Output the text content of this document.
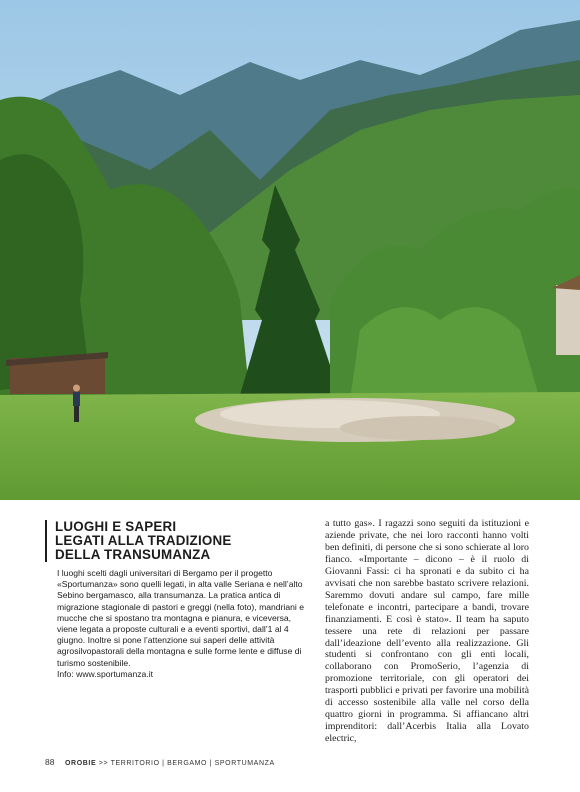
LUOGHI E SAPERI
LEGATI ALLA TRADIZIONE
DELLA TRANSUMANZA

I luoghi scelti dagli universitari di Bergamo per il progetto «Sportumanza» sono quelli legati, in alta valle Seriana e nell’alto Sebino bergamasco, alla transumanza. La pratica antica di migrazione stagionale di pastori e greggi (nella foto), mandriani e mucche che si spostano tra montagna e pianura, e viceversa, viene legata a proposte culturali e a eventi sportivi, dall’1 al 4 giugno. Inoltre si pone l’attenzione sui saperi delle attività agrosilvopastorali della montagna e sulle forme lente e diffuse di turismo sostenibile.

Info: www.sportumanza.it

a tutto gas». I ragazzi sono seguiti da istituzioni e aziende private, che nei loro racconti hanno volti ben definiti, di persone che si sono schierate al loro fianco. «Importante – dicono – è il ruolo di Giovanni Fassi: ci ha spronati e da subito ci ha avvisati che non sarebbe bastato scrivere relazioni. Saremmo dovuti andare sul campo, fare mille telefonate e incontri, partecipare a bandi, trovare finanziamenti. E così è stato». Il team ha saputo tessere una rete di relazioni per passare dall’ideazione dell’evento alla realizzazione. Gli studenti si confrontano con gli enti locali, collaborano con PromoSerio, l’agenzia di promozione territoriale, con gli operatori dei trasporti pubblici e privati per favorire una mobilità di accesso sostenibile alla valle nel corso della quattro giorni in programma. Si affiancano altri imprenditori: dall’Acerbis Italia alla Lovato electric,

88 OROBIE >> TERRITORIO | BERGAMO | SPORTUMANZA
